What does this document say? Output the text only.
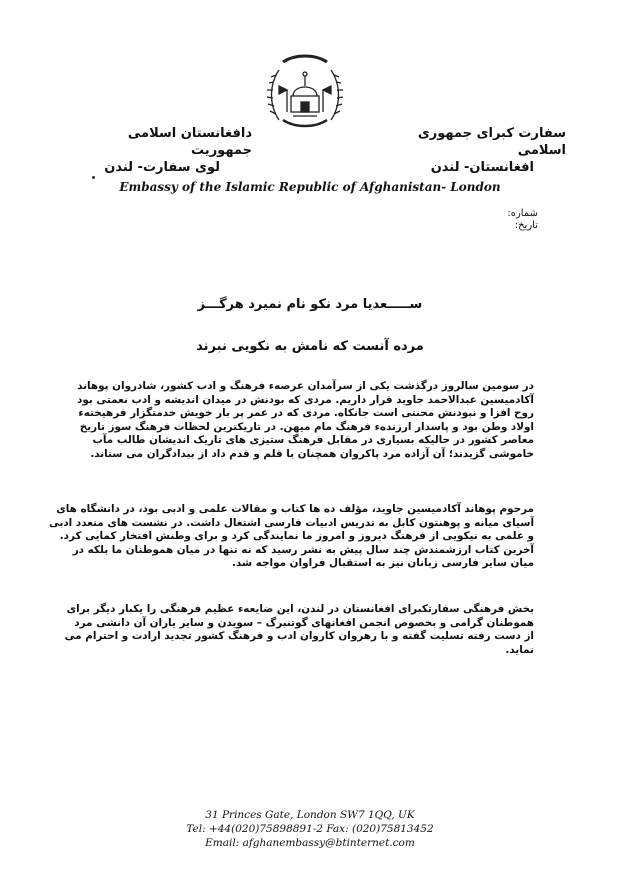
سفارت کبرای جمهوری اسلامی
افغانستان- لندن
دافغانستان اسلامی جمهوریت
لوی سفارت- لندن
Embassy of the Islamic Republic of Afghanistan- London
شماره:
تاریخ:
ســـــعدیا مرد نکو نام نمیرد هرگـــز
مرده آنست که نامش به نکویی نبرند
در سومین سالروز درگذشت یکی از سرآمدان عرصهء فرهنگ و ادب کشور، شادروان پوهاند
آکادمیسین عبدالاحمد جاوید قرار داریم. مردی که بودنش در میدان اندیشه و ادب نعمتی بود
روح افزا و نبودنش محنتی است جانکاه. مردی که در عمر پر بار خویش خدمتگزار فرهیختهء
اولاد وطن بود و پاسدار ارزندهء فرهنگ مام میهن. در تاریکترین لحظات فرهنگ سوز تاریخ
معاصر کشور در حالیکه بسیاری در مقابل فرهنگ ستیزی های تاریک اندیشان طالب مآب
خاموشی گزیدند؛ آن آزاده مرد پاکروان همچنان با قلم و قدم داد از بیدادگران می ستاند.
مرحوم پوهاند آکادمیسین جاوید، مؤلف ده ها کتاب و مقالات علمی و ادبی بود، در دانشگاه های
آسیای میانه و پوهنتون کابل به تدریس ادبیات فارسی اشتغال داشت. در نشست های متعدد ادبی
و علمی به نیکویی از فرهنگ دیروز و امروز ما نمایندگی کرد و برای وطنش افتخار کمایی کرد.
آخرین کتاب ارزشمندش چند سال پیش به نشر رسید که نه تنها در میان هموطنان ما بلکه در
میان سایر فارسی زبانان نیز به استقبال فراوان مواجه شد.
بخش فرهنگی سفارتکبرای افغانستان در لندن، این ضایعهء عظیم فرهنگی را یکبار دیگر برای
هموطنان گرامی و بخصوص انجمن افغانهای گوتنبرگ – سویدن و سایر یاران آن دانشی مرد
از دست رفته تسلیت گفته و با رهروان کاروان ادب و فرهنگ کشور تجدید ارادت و احترام می
نماید.
31 Princes Gate, London SW7 1QQ, UK
Tel: +44(020)75898891-2 Fax: (020)75813452
Email: afghanembassy@btinternet.com
